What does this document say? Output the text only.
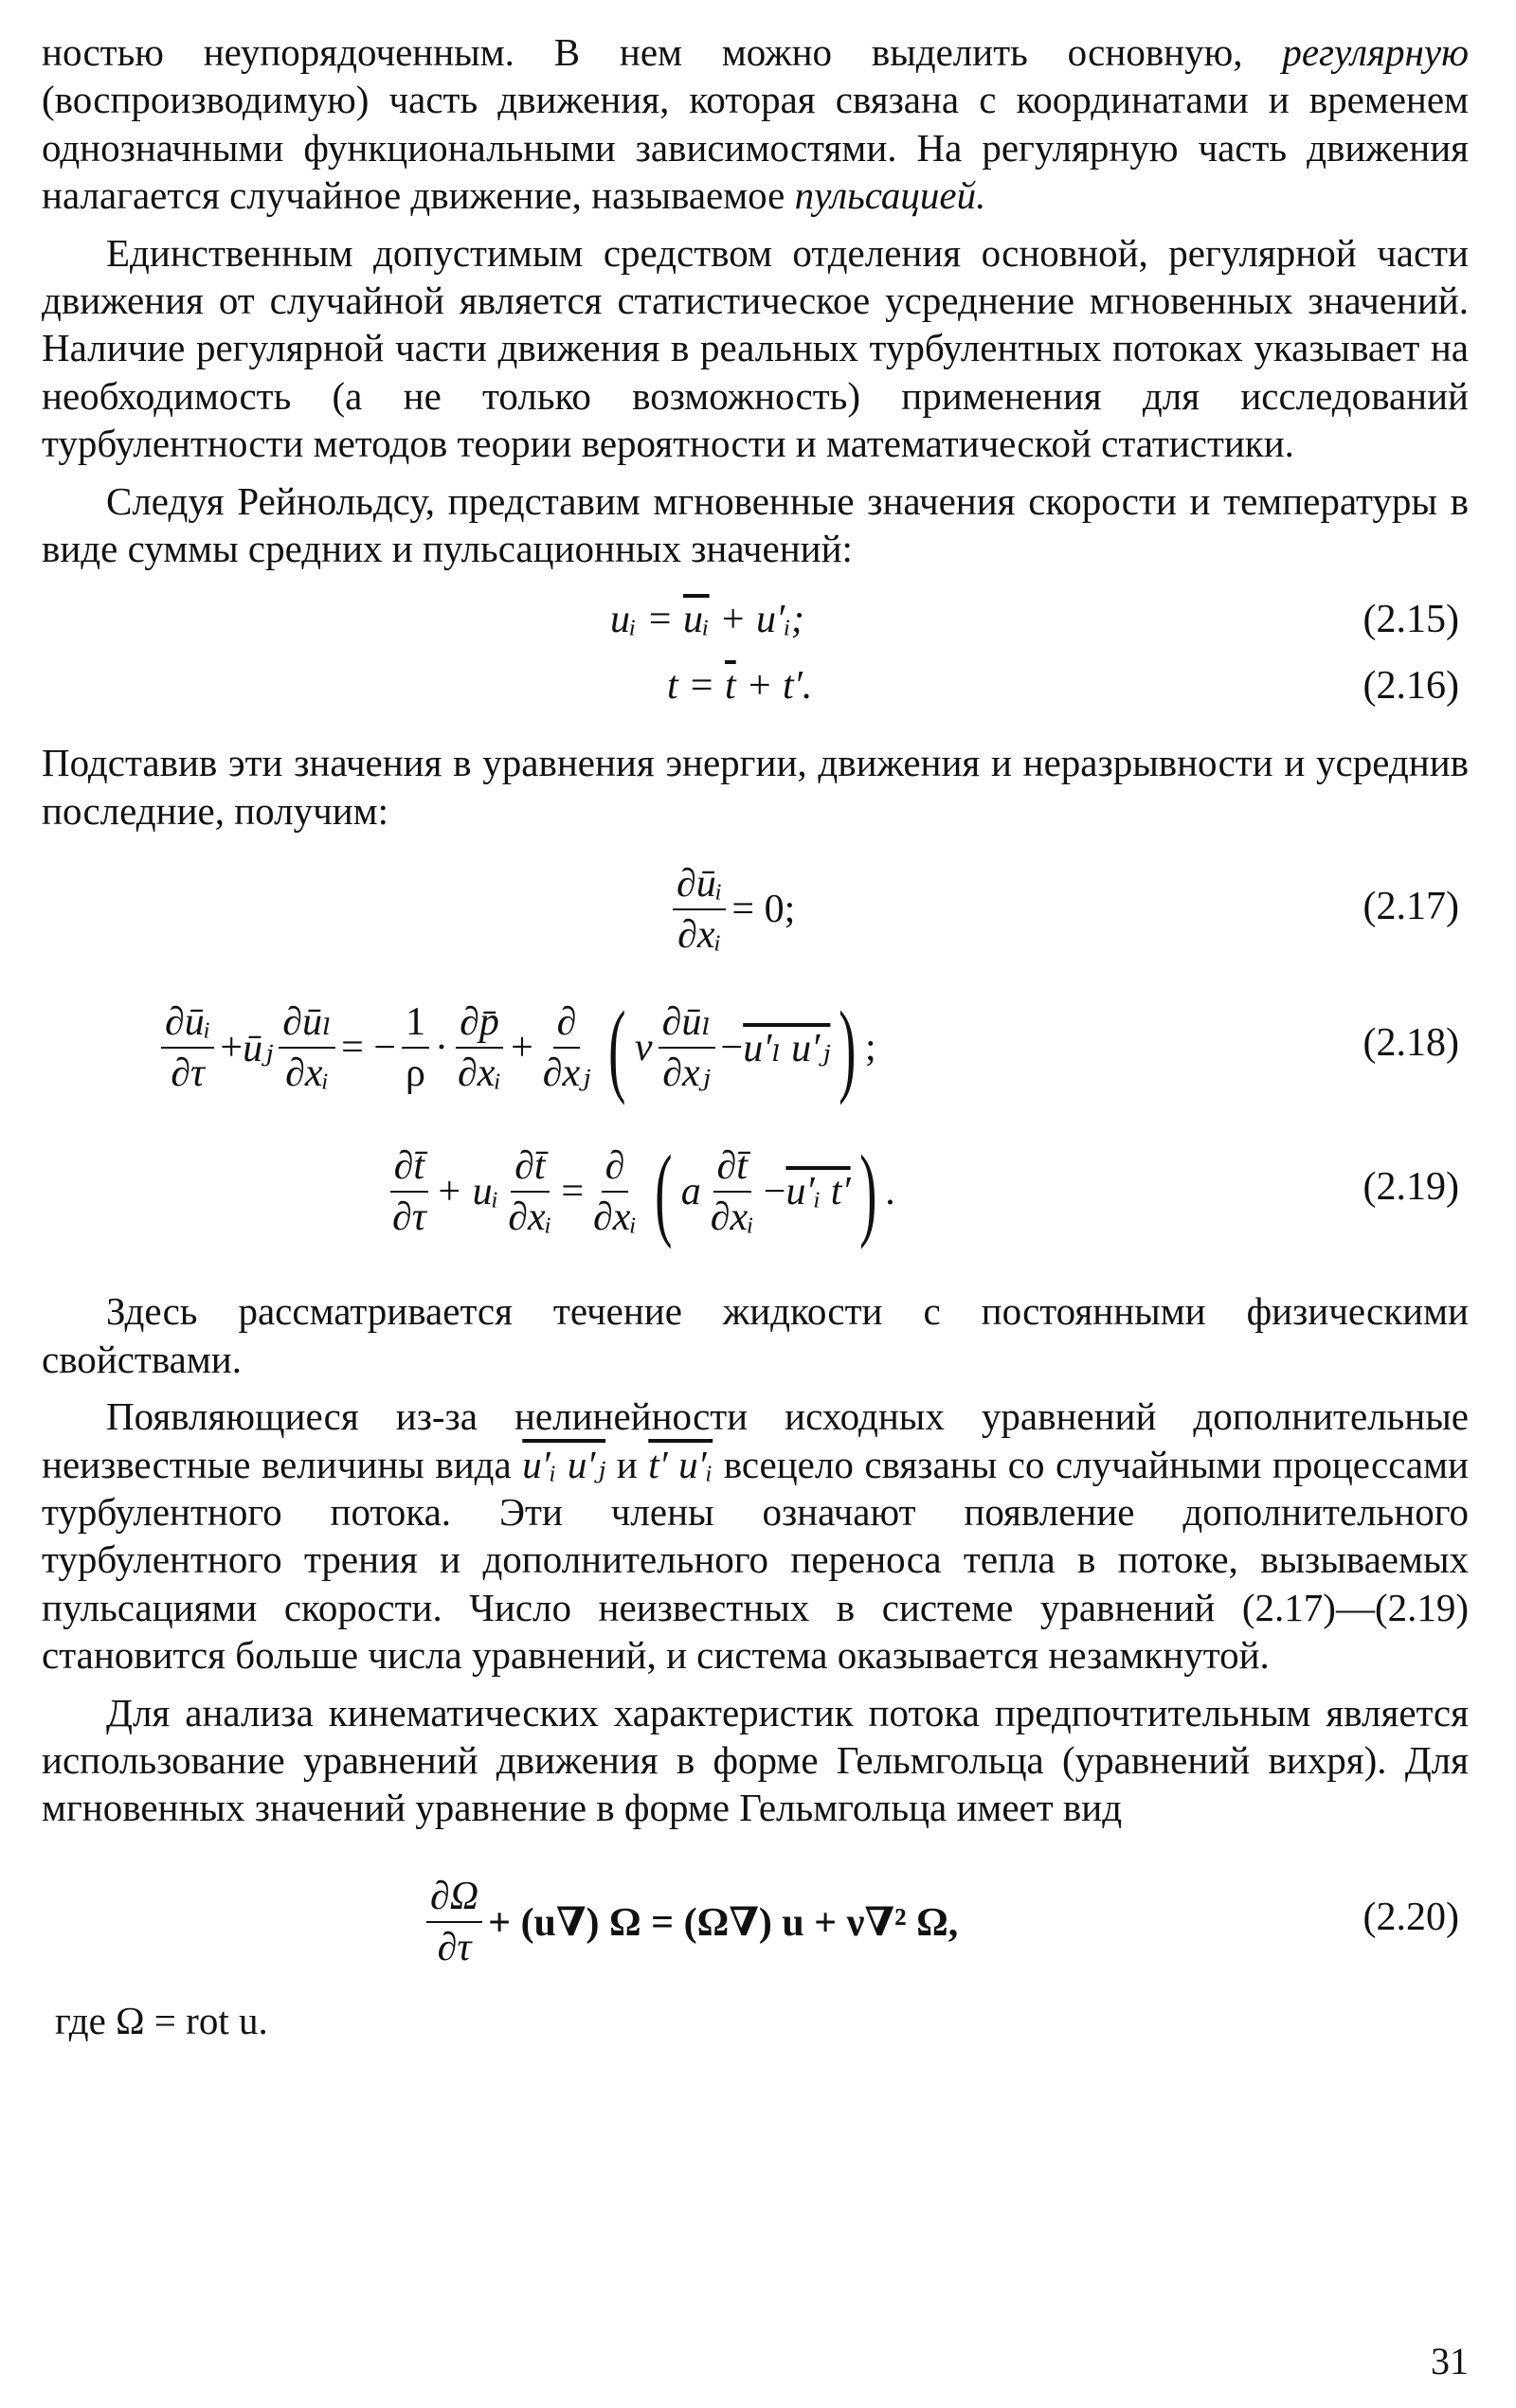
ностью неупорядоченным. В нем можно выделить основную, регулярную (воспроизводимую) часть движения, которая связана с координатами и временем однозначными функциональными зависимостями. На регулярную часть движения налагается случайное движение, называемое пульсацией.

Единственным допустимым средством отделения основной, регулярной части движения от случайной является статистическое усреднение мгновенных значений. Наличие регулярной части движения в реальных турбулентных потоках указывает на необходимость (а не только возможность) применения для исследований турбулентности методов теории вероятности и математической статистики.

Следуя Рейнольдсу, представим мгновенные значения скорости и температуры в виде суммы средних и пульсационных значений:

uᵢ = $\overline{uᵢ}$ + u′ᵢ;	(2.15)
$t = \overline{t} + t'$.	(2.16)

Подставив эти значения в уравнения энергии, движения и неразрывности и усреднив последние, получим:

$\frac{\text{∂ūᵢ}}{\text{∂xᵢ}} = 0$;	(2.17)
$\frac{\text{∂ūᵢ}}{\partial\tau}$ + ūⱼ $\frac{\text{∂ūₗ}}{\text{∂xᵢ}}$ = − $\frac{1}{\rho} \cdot \frac{\partial p̄}{\text{∂xᵢ}} + \frac{\partial}{\text{∂xⱼ}}$ ( ν $\frac{\text{∂ūₗ}}{\text{∂xⱼ}} - u'_l$ u′ⱼ ) ;	(2.18)
$\frac{\partial t̄}{\partial\tau}$ + uᵢ $\frac{\partial t̄}{\text{∂xᵢ}} = \frac{\partial}{\text{∂xᵢ}}$ ( a $\frac{\partial t̄}{\text{∂xᵢ}}$ − u′ᵢ t′ ) .	(2.19)

Здесь рассматривается течение жидкости с постоянными физическими свойствами.

Появляющиеся из-за нелинейности исходных уравнений дополнительные неизвестные величины вида u′ᵢ u′ⱼ и t′ u′ᵢ всецело связаны со случайными процессами турбулентного потока. Эти члены означают появление дополнительного турбулентного трения и дополнительного переноса тепла в потоке, вызываемых пульсациями скорости. Число неизвестных в системе уравнений (2.17)—(2.19) становится больше числа уравнений, и система оказывается незамкнутой.

Для анализа кинематических характеристик потока предпочтительным является использование уравнений движения в форме Гельмгольца (уравнений вихря). Для мгновенных значений уравнение в форме Гельмгольца имеет вид

$\frac{\partial\Omega}{\partial\tau} + (u\nabla) \Omega = (\Omega\nabla) u + \nu\nabla^2$ Ω,	(2.20)

где Ω = rot u.

31
